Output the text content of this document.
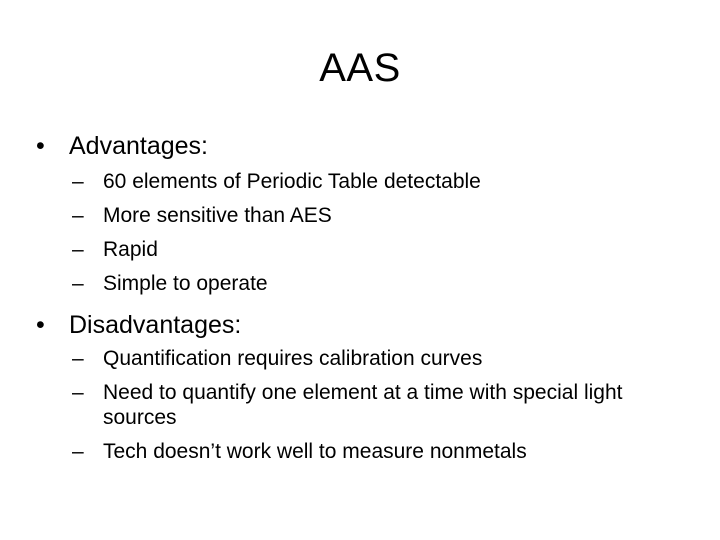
AAS
• Advantages:
– 60 elements of Periodic Table detectable
– More sensitive than AES
– Rapid
– Simple to operate
• Disadvantages:
– Quantification requires calibration curves
– Need to quantify one element at a time with special light sources
– Tech doesn’t work well to measure nonmetals
